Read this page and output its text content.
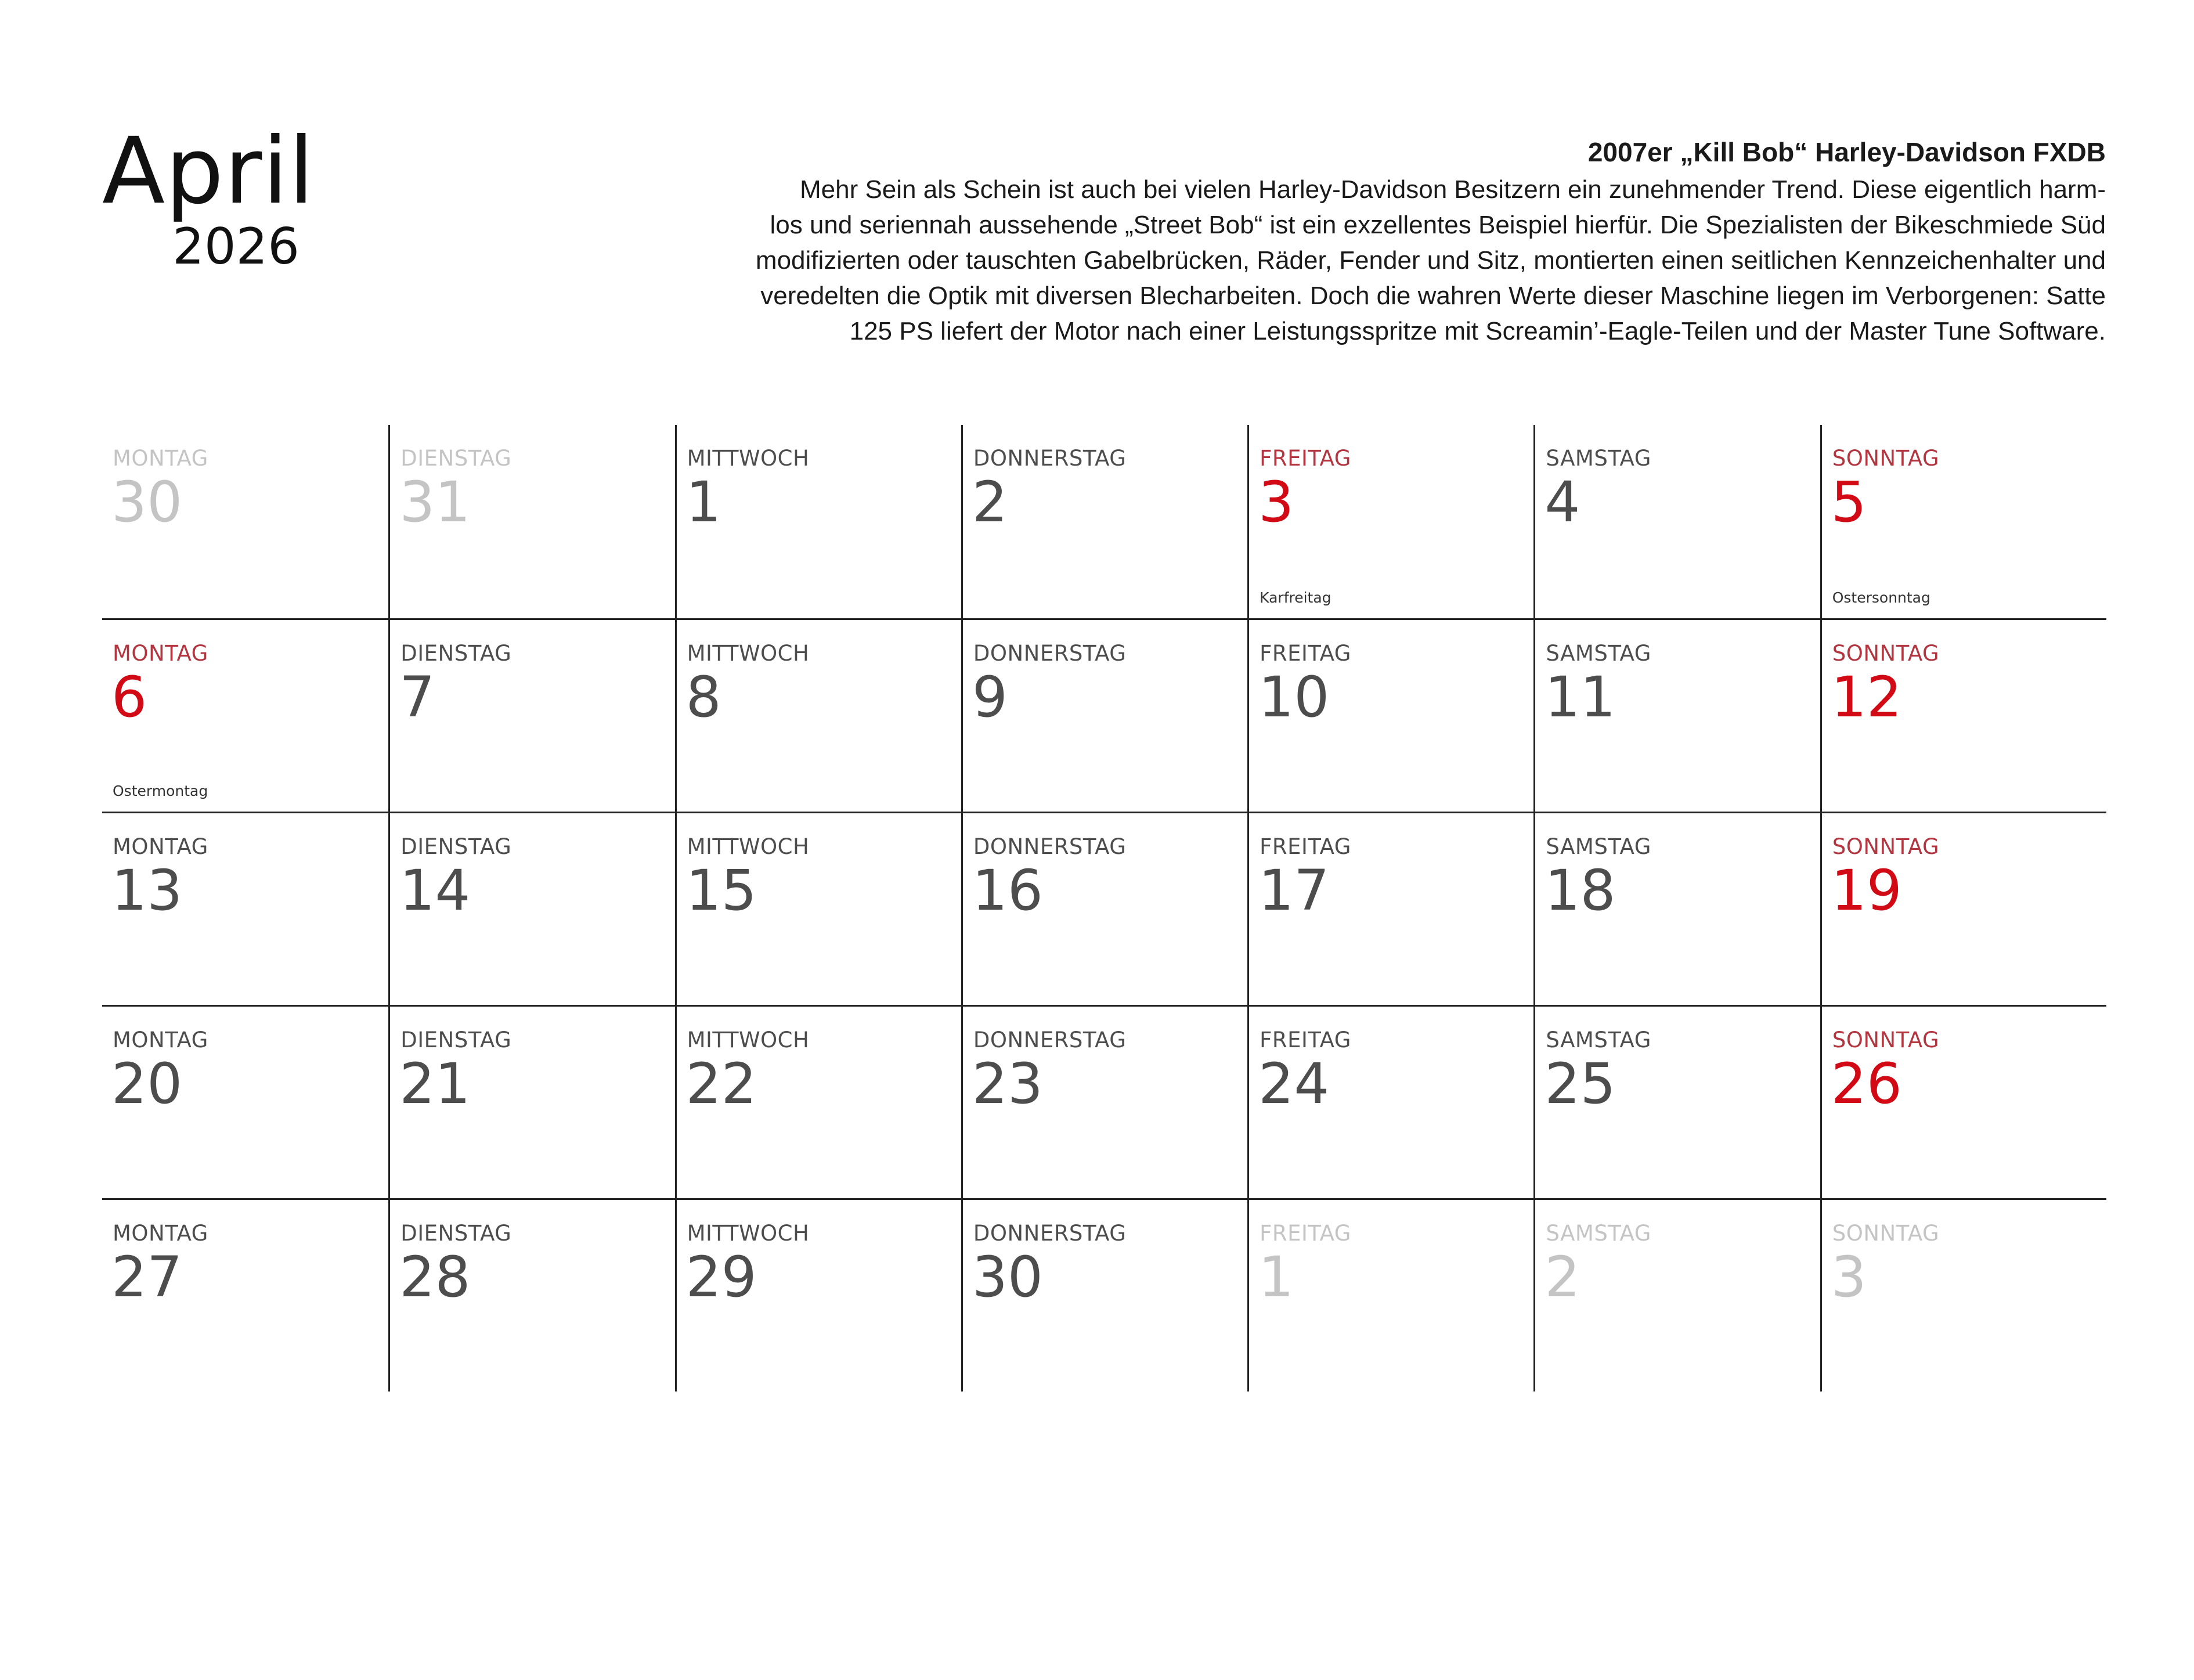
April
2026
2007er „Kill Bob“ Harley-Davidson FXDB
Mehr Sein als Schein ist auch bei vielen Harley-Davidson Besitzern ein zunehmender Trend. Diese eigentlich harm-
los und seriennah aussehende „Street Bob“ ist ein exzellentes Beispiel hierfür. Die Spezialisten der Bikeschmiede Süd
modifizierten oder tauschten Gabelbrücken, Räder, Fender und Sitz, montierten einen seitlichen Kennzeichenhalter und
veredelten die Optik mit diversen Blecharbeiten. Doch die wahren Werte dieser Maschine liegen im Verborgenen: Satte
125 PS liefert der Motor nach einer Leistungsspritze mit Screamin’-Eagle-Teilen und der Master Tune Software.
MONTAG
30
DIENSTAG
31
MITTWOCH
1
DONNERSTAG
2
FREITAG
3
Karfreitag
SAMSTAG
4
SONNTAG
5
Ostersonntag
MONTAG
6
Ostermontag
DIENSTAG
7
MITTWOCH
8
DONNERSTAG
9
FREITAG
10
SAMSTAG
11
SONNTAG
12
MONTAG
13
DIENSTAG
14
MITTWOCH
15
DONNERSTAG
16
FREITAG
17
SAMSTAG
18
SONNTAG
19
MONTAG
20
DIENSTAG
21
MITTWOCH
22
DONNERSTAG
23
FREITAG
24
SAMSTAG
25
SONNTAG
26
MONTAG
27
DIENSTAG
28
MITTWOCH
29
DONNERSTAG
30
FREITAG
1
SAMSTAG
2
SONNTAG
3
